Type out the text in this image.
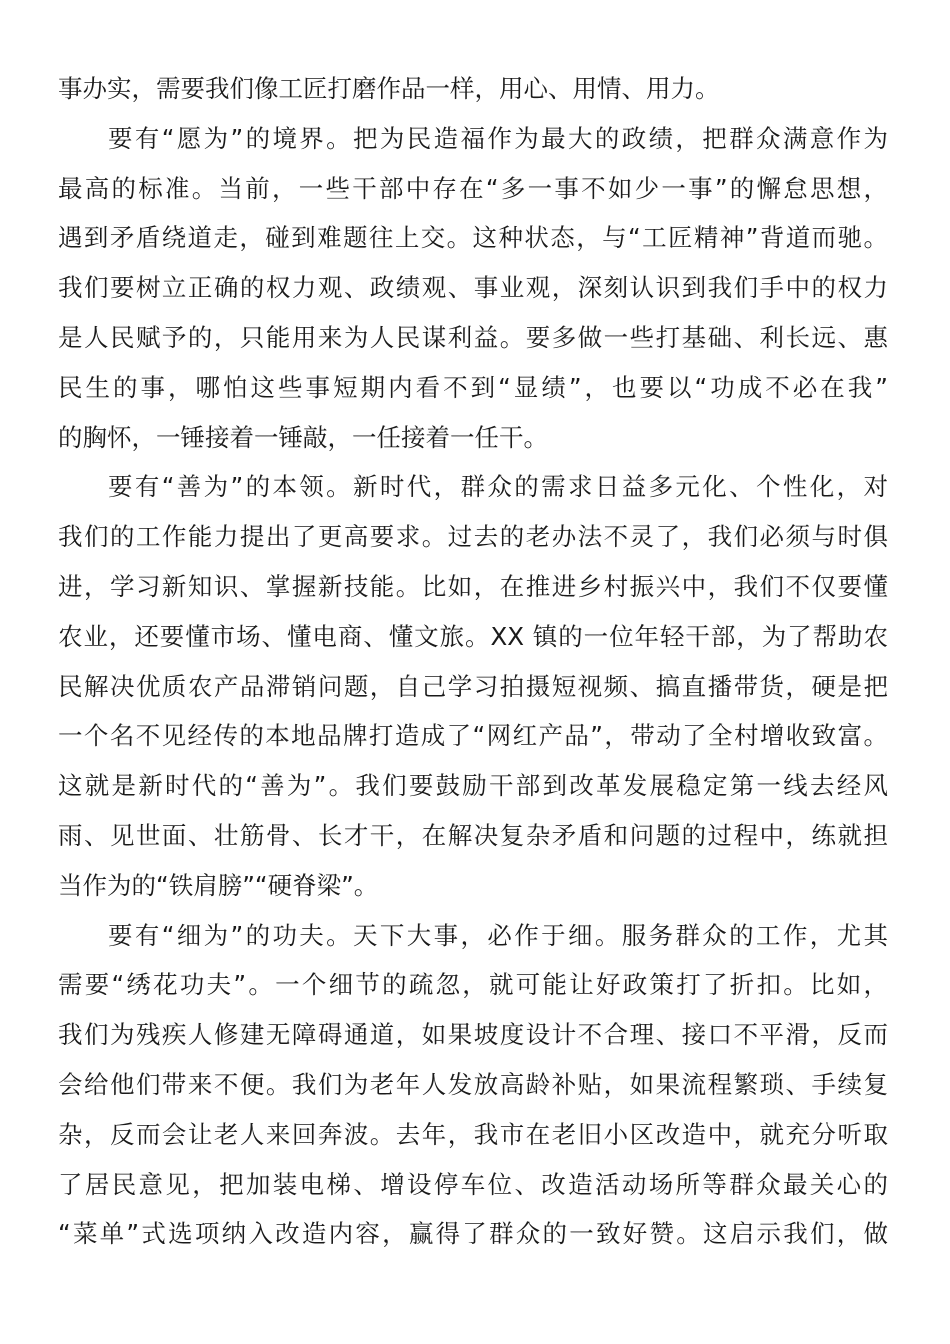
事办实，需要我们像工匠打磨作品一样，用心、用情、用力。
要有“愿为”的境界。把为民造福作为最大的政绩，把群众满意作为
最高的标准。当前，一些干部中存在“多一事不如少一事”的懈怠思想，
遇到矛盾绕道走，碰到难题往上交。这种状态，与“工匠精神”背道而驰。
我们要树立正确的权力观、政绩观、事业观，深刻认识到我们手中的权力
是人民赋予的，只能用来为人民谋利益。要多做一些打基础、利长远、惠
民生的事，哪怕这些事短期内看不到“显绩”，也要以“功成不必在我”
的胸怀，一锤接着一锤敲，一任接着一任干。
要有“善为”的本领。新时代，群众的需求日益多元化、个性化，对
我们的工作能力提出了更高要求。过去的老办法不灵了，我们必须与时俱
进，学习新知识、掌握新技能。比如，在推进乡村振兴中，我们不仅要懂
农业，还要懂市场、懂电商、懂文旅。XX 镇的一位年轻干部，为了帮助农
民解决优质农产品滞销问题，自己学习拍摄短视频、搞直播带货，硬是把
一个名不见经传的本地品牌打造成了“网红产品”，带动了全村增收致富。
这就是新时代的“善为”。我们要鼓励干部到改革发展稳定第一线去经风
雨、见世面、壮筋骨、长才干，在解决复杂矛盾和问题的过程中，练就担
当作为的“铁肩膀”“硬脊梁”。
要有“细为”的功夫。天下大事，必作于细。服务群众的工作，尤其
需要“绣花功夫”。一个细节的疏忽，就可能让好政策打了折扣。比如，
我们为残疾人修建无障碍通道，如果坡度设计不合理、接口不平滑，反而
会给他们带来不便。我们为老年人发放高龄补贴，如果流程繁琐、手续复
杂，反而会让老人来回奔波。去年，我市在老旧小区改造中，就充分听取
了居民意见，把加装电梯、增设停车位、改造活动场所等群众最关心的
“菜单”式选项纳入改造内容，赢得了群众的一致好赞。这启示我们，做
